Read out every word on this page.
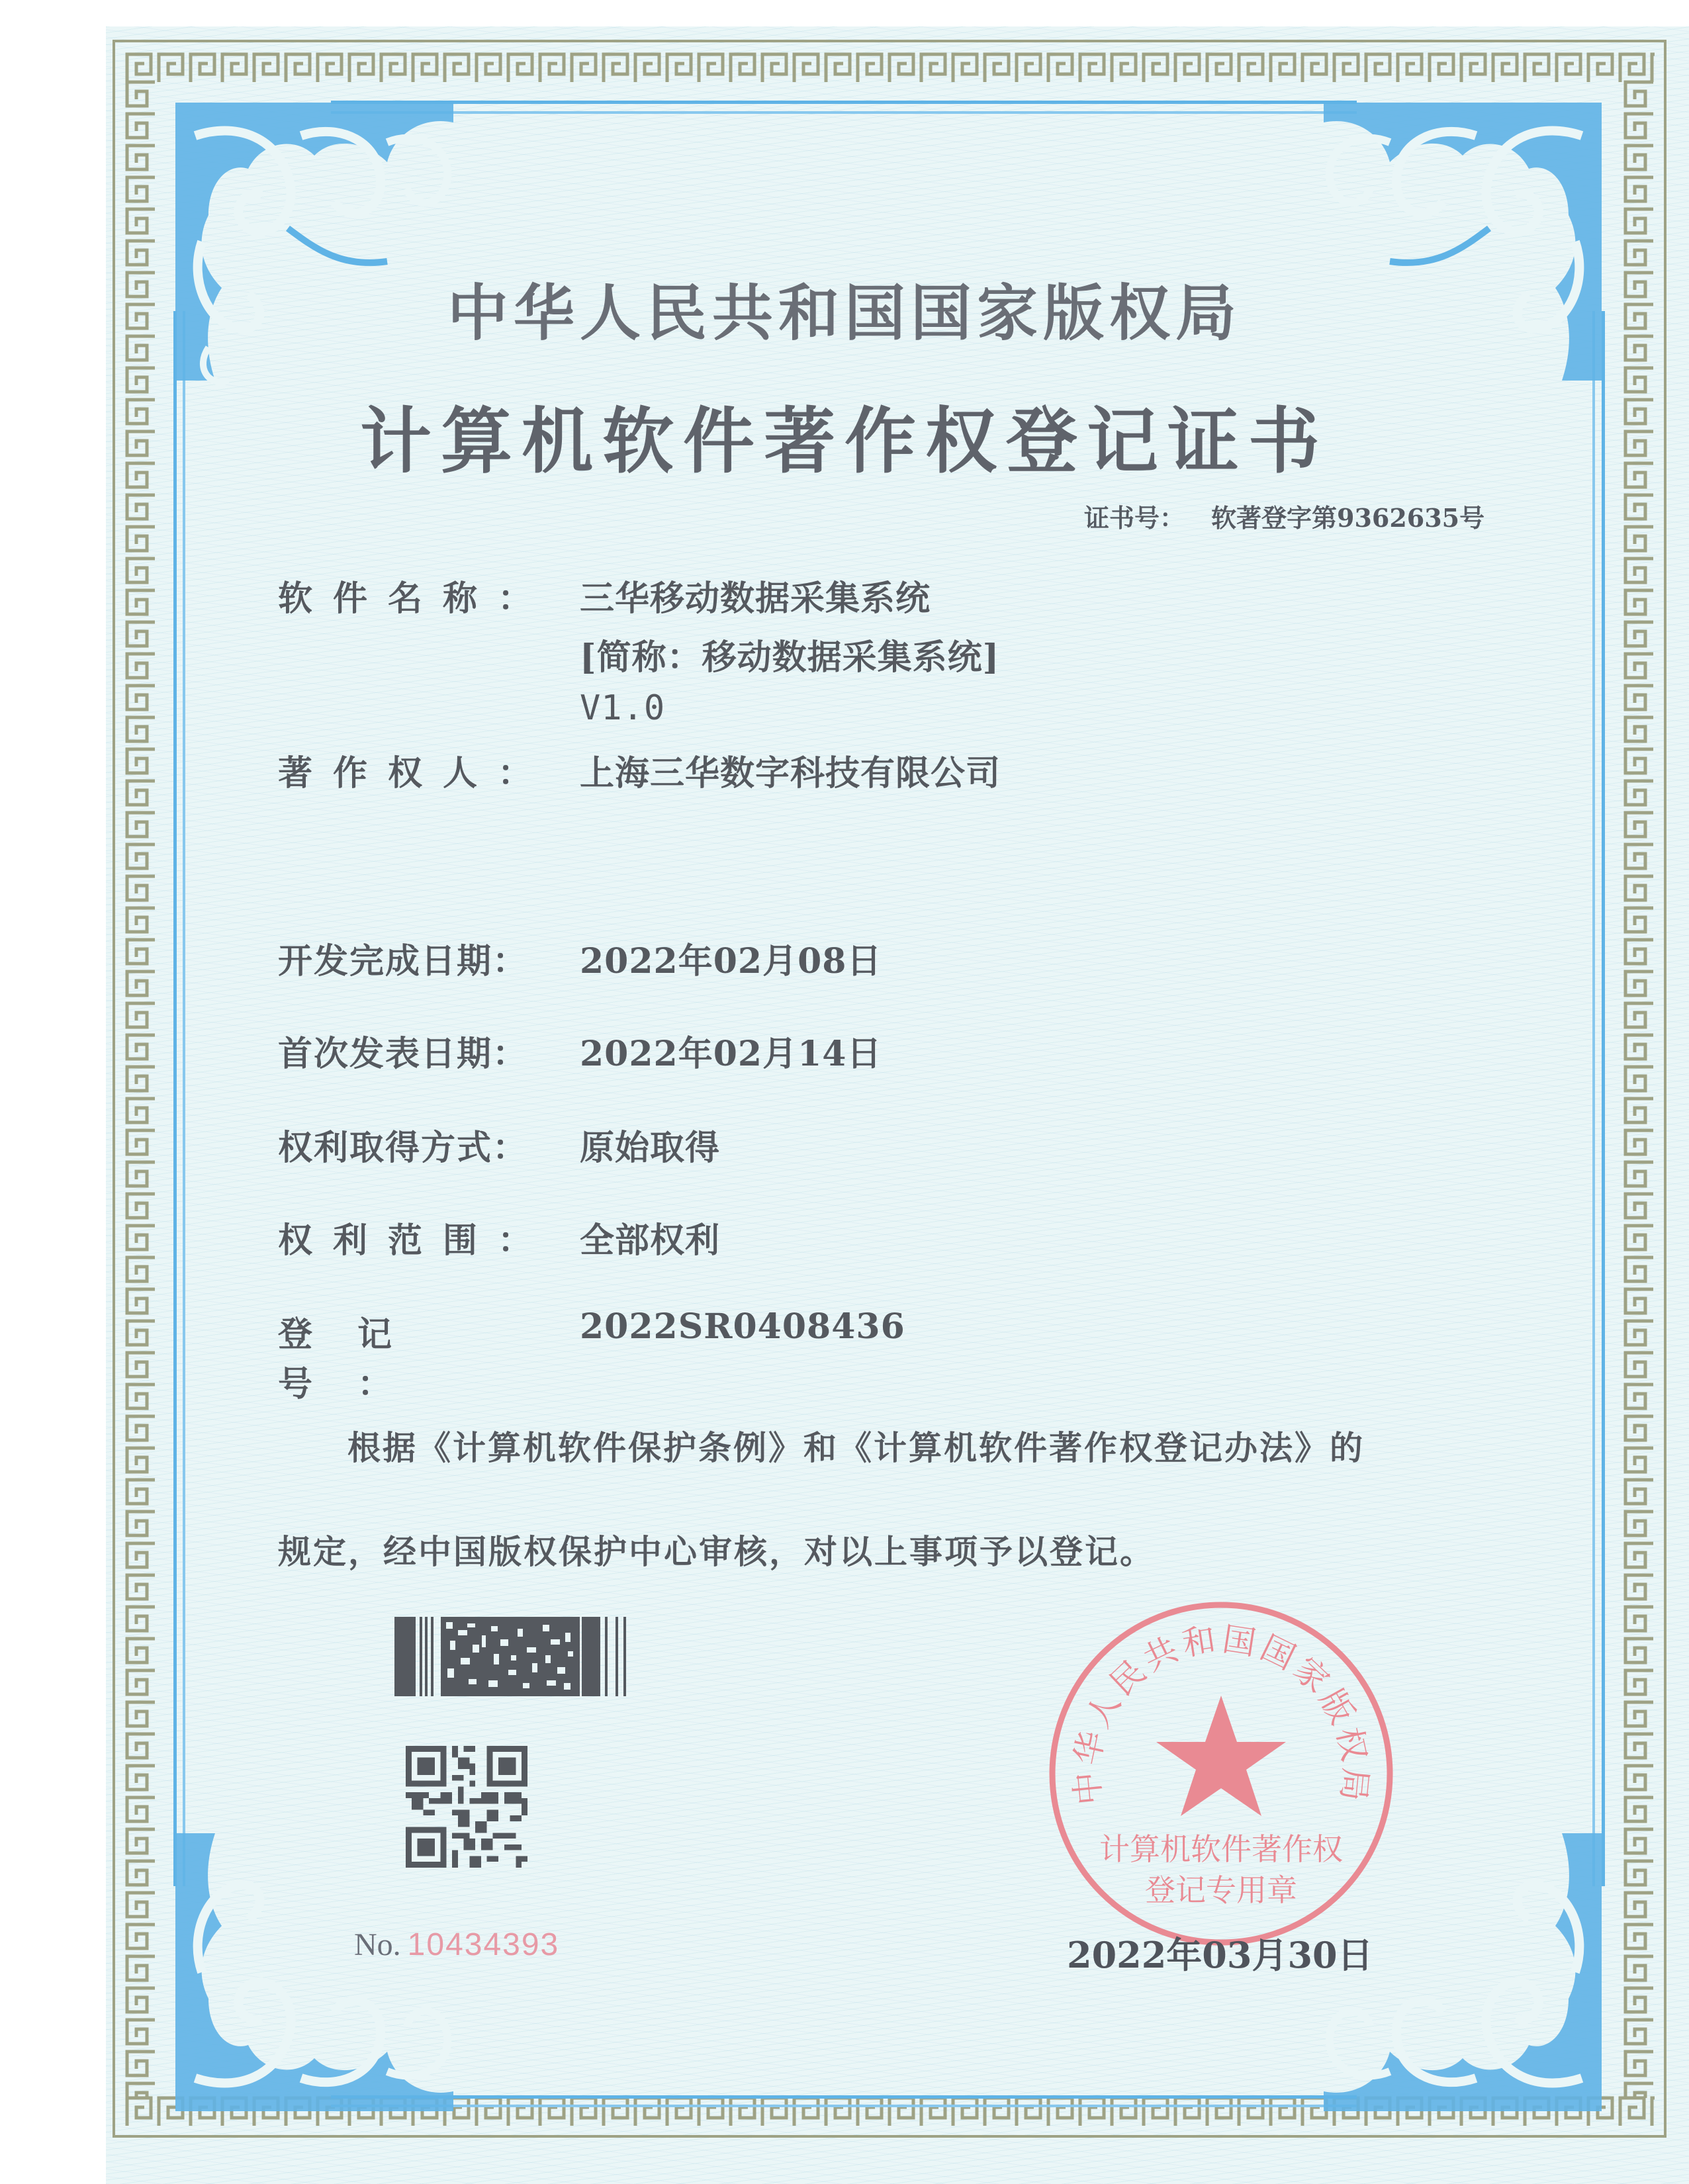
中华人民共和国国家版权局
计算机软件著作权登记证书
证书号： 软著登字第9362635号
软件名称： 三华移动数据采集系统
[简称：移动数据采集系统]
V1.0
著作权人： 上海三华数字科技有限公司
开发完成日期： 2022年02月08日
首次发表日期： 2022年02月14日
权利取得方式： 原始取得
权利范围： 全部权利
登记号：2022SR0408436
根据《计算机软件保护条例》和《计算机软件著作权登记办法》的
规定，经中国版权保护中心审核，对以上事项予以登记。
No. 10434393
中华人民共和国国家版权局
计算机软件著作权
登记专用章
2022年03月30日
